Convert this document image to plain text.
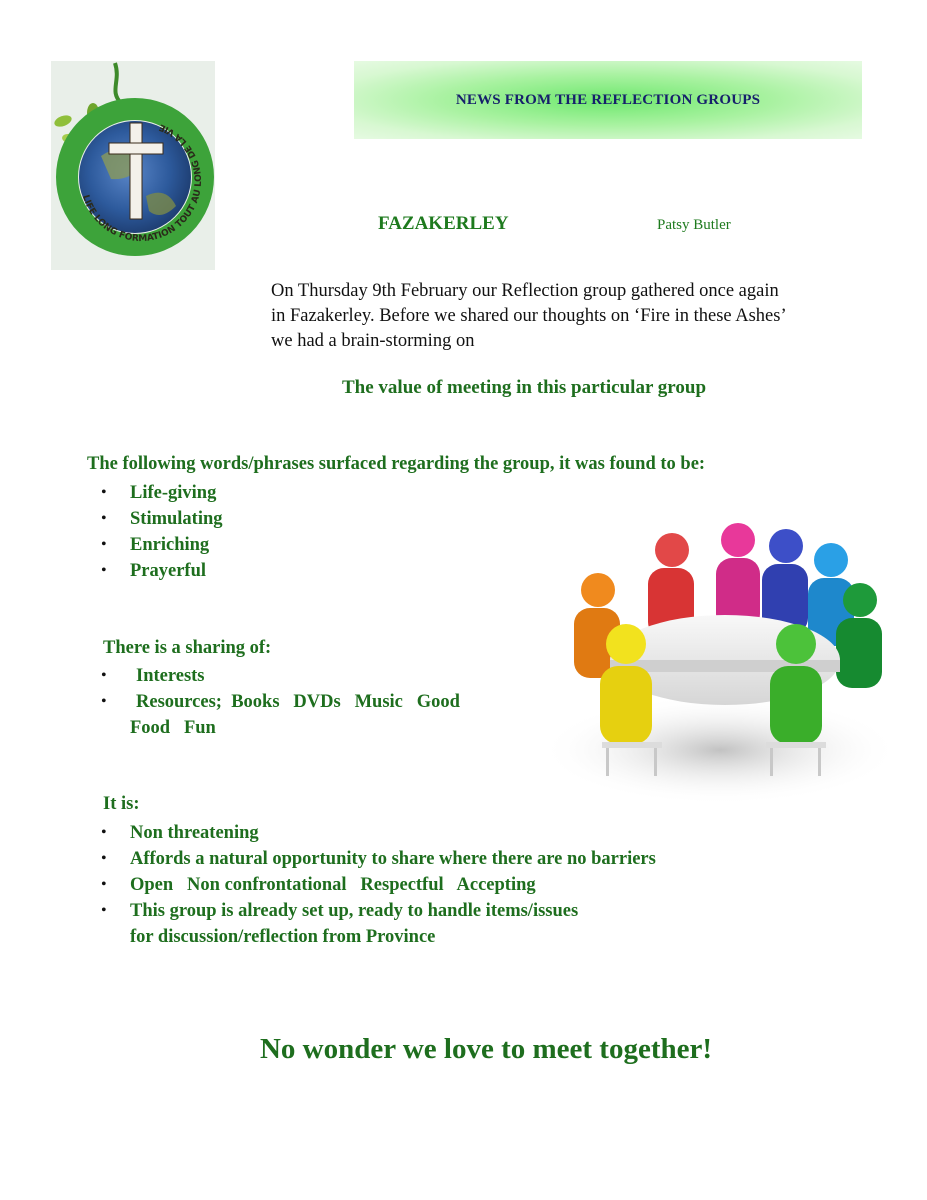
LIFE LONG FORMATION TOUT AU LONG DE LA VIE
NEWS FROM THE REFLECTION GROUPS
FAZAKERLEY	Patsy Butler
On Thursday 9th February our Reflection group gathered once again
in Fazakerley. Before we shared our thoughts on ‘Fire in these Ashes’
we had a brain-storming on
The value of meeting in this particular group
The following words/phrases surfaced regarding the group, it was found to be:
• Life-giving
• Stimulating
• Enriching
• Prayerful
There is a sharing of:
• Interests
• Resources;  Books   DVDs   Music   Good
Food   Fun
It is:
• Non threatening
• Affords a natural opportunity to share where there are no barriers
• Open   Non confrontational   Respectful   Accepting
• This group is already set up, ready to handle items/issues
for discussion/reflection from Province
No wonder we love to meet together!
